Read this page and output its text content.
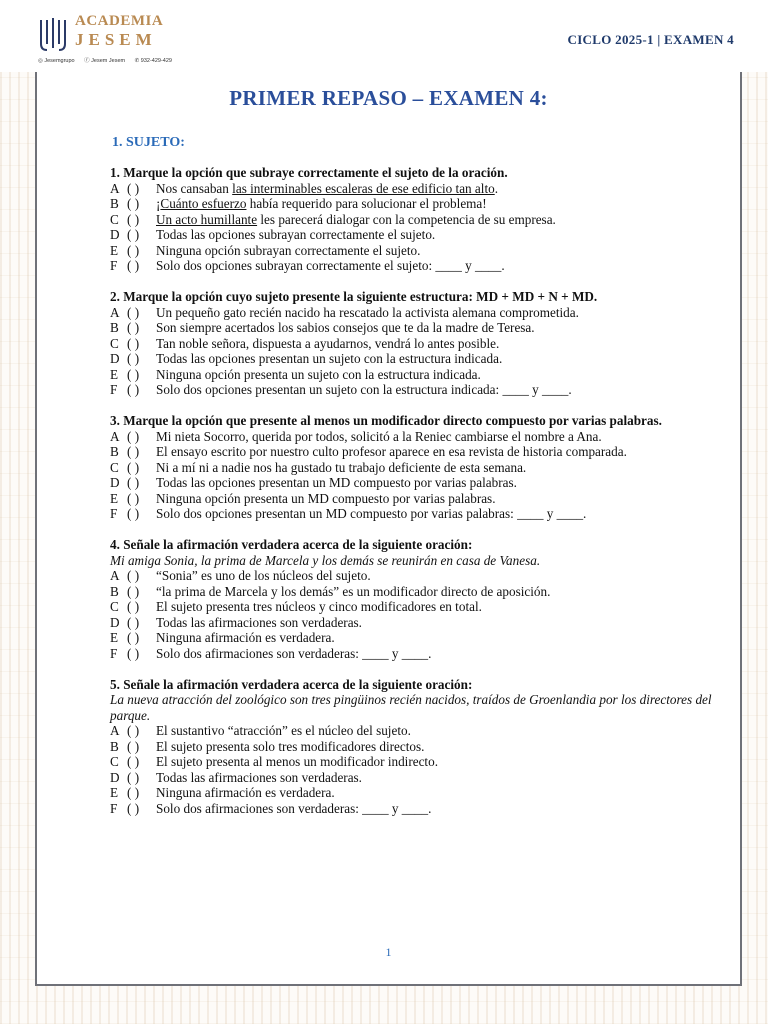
ACADEMIA
JESEM
◎ Jesemgrupo ⓕ Jesem Jesem ✆ 932-429-429
CICLO 2025-1 | EXAMEN 4
PRIMER REPASO – EXAMEN 4:
1. SUJETO:
1. Marque la opción que subraye correctamente el sujeto de la oración.
A ( )	Nos cansaban las interminables escaleras de ese edificio tan alto.
B ( )	¡Cuánto esfuerzo había requerido para solucionar el problema!
C ( )	Un acto humillante les parecerá dialogar con la competencia de su empresa.
D ( )	Todas las opciones subrayan correctamente el sujeto.
E ( )	Ninguna opción subrayan correctamente el sujeto.
F ( )	Solo dos opciones subrayan correctamente el sujeto: ____ y ____.
2. Marque la opción cuyo sujeto presente la siguiente estructura: MD + MD + N + MD.
A ( )	Un pequeño gato recién nacido ha rescatado la activista alemana comprometida.
B ( )	Son siempre acertados los sabios consejos que te da la madre de Teresa.
C ( )	Tan noble señora, dispuesta a ayudarnos, vendrá lo antes posible.
D ( )	Todas las opciones presentan un sujeto con la estructura indicada.
E ( )	Ninguna opción presenta un sujeto con la estructura indicada.
F ( )	Solo dos opciones presentan un sujeto con la estructura indicada: ____ y ____.
3. Marque la opción que presente al menos un modificador directo compuesto por varias palabras.
A ( )	Mi nieta Socorro, querida por todos, solicitó a la Reniec cambiarse el nombre a Ana.
B ( )	El ensayo escrito por nuestro culto profesor aparece en esa revista de historia comparada.
C ( )	Ni a mí ni a nadie nos ha gustado tu trabajo deficiente de esta semana.
D ( )	Todas las opciones presentan un MD compuesto por varias palabras.
E ( )	Ninguna opción presenta un MD compuesto por varias palabras.
F ( )	Solo dos opciones presentan un MD compuesto por varias palabras: ____ y ____.
4. Señale la afirmación verdadera acerca de la siguiente oración:
Mi amiga Sonia, la prima de Marcela y los demás se reunirán en casa de Vanesa.
A ( )	“Sonia” es uno de los núcleos del sujeto.
B ( )	“la prima de Marcela y los demás” es un modificador directo de aposición.
C ( )	El sujeto presenta tres núcleos y cinco modificadores en total.
D ( )	Todas las afirmaciones son verdaderas.
E ( )	Ninguna afirmación es verdadera.
F ( )	Solo dos afirmaciones son verdaderas: ____ y ____.
5. Señale la afirmación verdadera acerca de la siguiente oración:
La nueva atracción del zoológico son tres pingüinos recién nacidos, traídos de Groenlandia por los directores del parque.
A ( )	El sustantivo “atracción” es el núcleo del sujeto.
B ( )	El sujeto presenta solo tres modificadores directos.
C ( )	El sujeto presenta al menos un modificador indirecto.
D ( )	Todas las afirmaciones son verdaderas.
E ( )	Ninguna afirmación es verdadera.
F ( )	Solo dos afirmaciones son verdaderas: ____ y ____.
1
